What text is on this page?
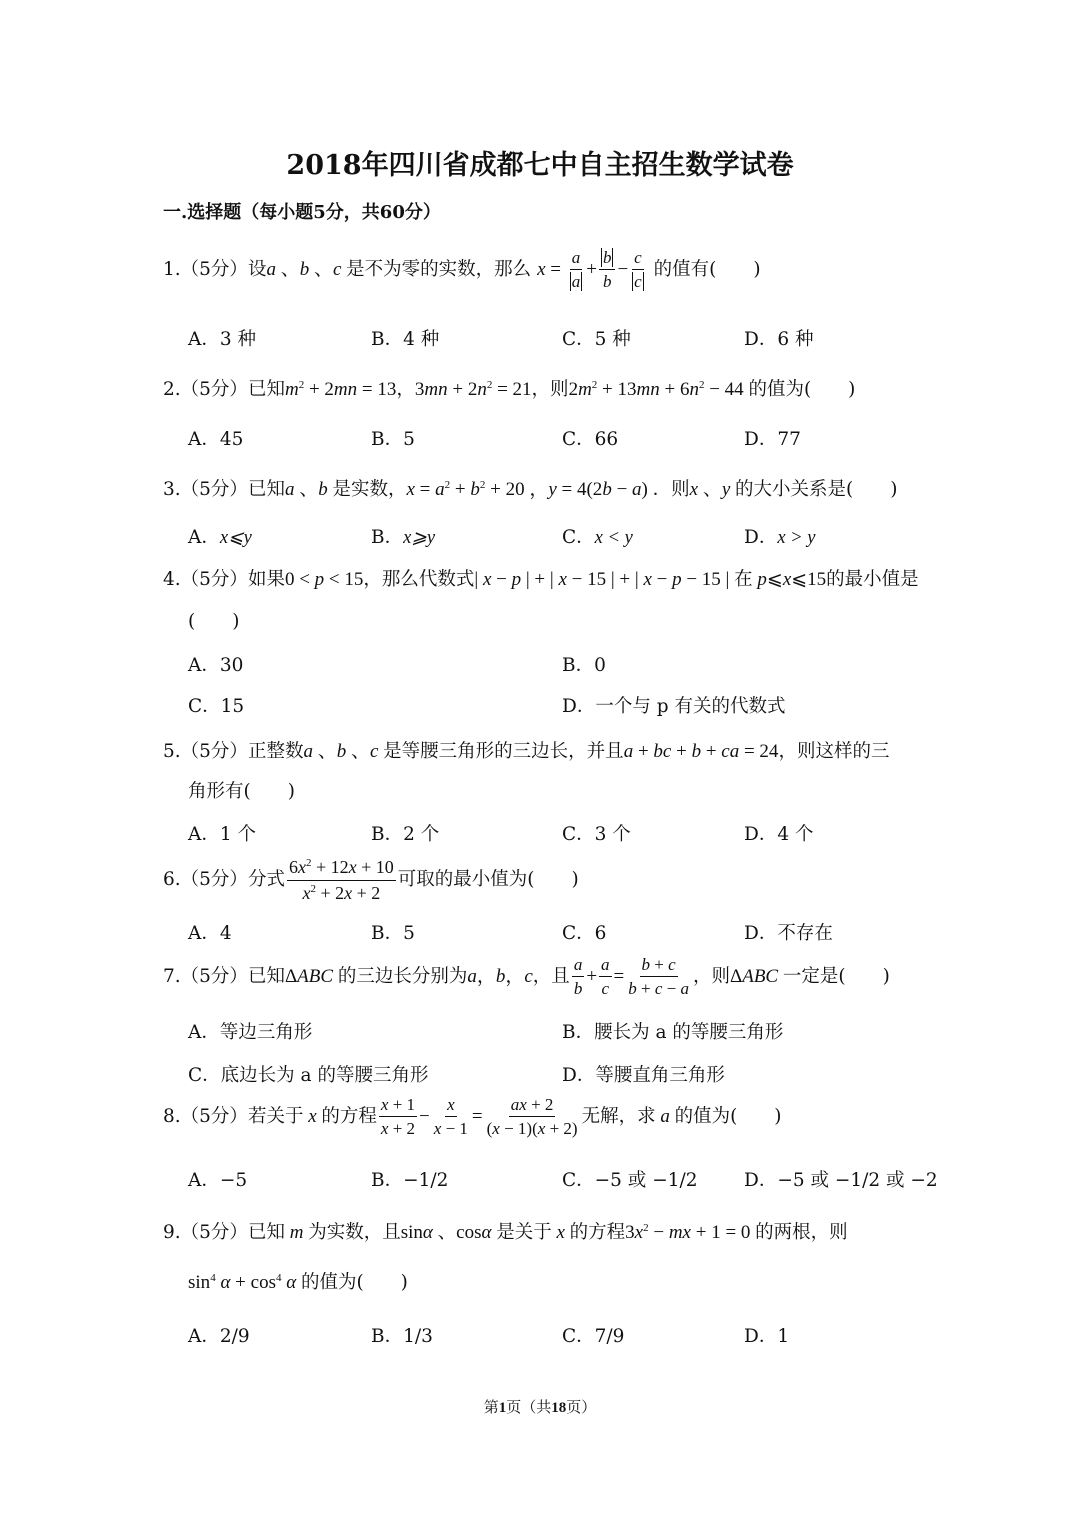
2018年四川省成都七中自主招生数学试卷
一.选择题（每小题5分，共60分）
1.（5分）设a 、b 、c 是不为零的实数，那么 $x = \frac{a}{a} + \frac{b}{b} - \frac{c}{c}$ 的值有(　　)
A．3 种	B．4 种	C．5 种	D．6 种
2.（5分）已知$m^2 + 2mn = 13$，$3mn + 2n^2 = 21$，则$2m^2 + 13mn + 6n^2 - 44$ 的值为(　　)
A．45	B．5	C．66	D．77
3.（5分）已知a 、b 是实数，$x = a^2 + b^2 + 20$ ，y = 4(2b − a) ．则x 、y 的大小关系是(　　)
A．x⩽y	B．x⩾y	C．x < y	D．x > y
4.（5分）如果0 < p < 15，那么代数式| x − p | + | x − 15 | + | x − p − 15 | 在 p⩽x⩽15的最小值是
(　　)
A．30	B．0
C．15	D．一个与 p 有关的代数式
5.（5分）正整数a 、b 、c 是等腰三角形的三边长，并且a + bc + b + ca = 24，则这样的三
角形有(　　)
A．1 个	B．2 个	C．3 个	D．4 个
6.（5分）分式 $\frac{6x^2 + 12x + 10}{x^2 + 2x + 2}$ 可取的最小值为(　　)
A．4	B．5	C．6	D．不存在
7.（5分）已知ΔABC 的三边长分别为a，b，c，且 $\frac{a}{b} + \frac{a}{c} = \frac{b + c}{b + c - a}$ ，则ΔABC 一定是(　　)
A．等边三角形	B．腰长为 a 的等腰三角形
C．底边长为 a 的等腰三角形	D．等腰直角三角形
8.（5分）若关于 x 的方程 $\frac{x + 1}{x + 2} - \frac{x}{x - 1} = \frac{ax + 2}{(x - 1)(x + 2)}$ 无解，求 a 的值为(　　)
A．−5	B．−1/2	C．−5 或 −1/2	D．−5 或 −1/2 或 −2
9.（5分）已知 m 为实数，且sinα 、cosα 是关于 x 的方程$3x^2$ − mx + 1 = 0 的两根，则
$\sin^4 \alpha + \cos^4 \alpha$ 的值为(　　)
A．2/9	B．1/3	C．7/9	D．1
第1页（共18页）
